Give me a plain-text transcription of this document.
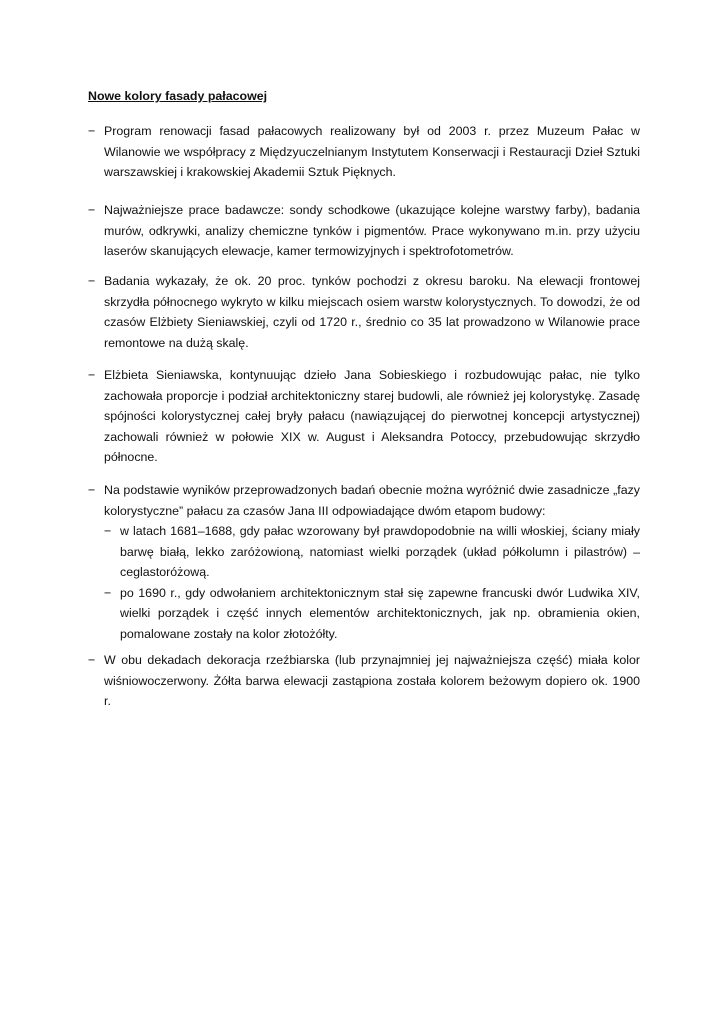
Nowe kolory fasady pałacowej
− Program renowacji fasad pałacowych realizowany był od 2003 r. przez Muzeum Pałac w Wilanowie we współpracy z Międzyuczelnianym Instytutem Konserwacji i Restauracji Dzieł Sztuki warszawskiej i krakowskiej Akademii Sztuk Pięknych.
− Najważniejsze prace badawcze: sondy schodkowe (ukazujące kolejne warstwy farby), badania murów, odkrywki, analizy chemiczne tynków i pigmentów. Prace wykonywano m.in. przy użyciu laserów skanujących elewacje, kamer termowizyjnych i spektrofotometrów.
− Badania wykazały, że ok. 20 proc. tynków pochodzi z okresu baroku. Na elewacji frontowej skrzydła północnego wykryto w kilku miejscach osiem warstw kolorystycznych. To dowodzi, że od czasów Elżbiety Sieniawskiej, czyli od 1720 r., średnio co 35 lat prowadzono w Wilanowie prace remontowe na dużą skalę.
− Elżbieta Sieniawska, kontynuując dzieło Jana Sobieskiego i rozbudowując pałac, nie tylko zachowała proporcje i podział architektoniczny starej budowli, ale również jej kolorystykę. Zasadę spójności kolorystycznej całej bryły pałacu (nawiązującej do pierwotnej koncepcji artystycznej) zachowali również w połowie XIX w. August i Aleksandra Potoccy, przebudowując skrzydło północne.
− Na podstawie wyników przeprowadzonych badań obecnie można wyróżnić dwie zasadnicze „fazy kolorystyczne” pałacu za czasów Jana III odpowiadające dwóm etapom budowy:
− w latach 1681–1688, gdy pałac wzorowany był prawdopodobnie na willi włoskiej, ściany miały barwę białą, lekko zaróżowioną, natomiast wielki porządek (układ półkolumn i pilastrów) –ceglastoróżową.
− po 1690 r., gdy odwołaniem architektonicznym stał się zapewne francuski dwór Ludwika XIV, wielki porządek i część innych elementów architektonicznych, jak np. obramienia okien, pomalowane zostały na kolor złotożółty.
− W obu dekadach dekoracja rzeźbiarska (lub przynajmniej jej najważniejsza część) miała kolor wiśniowoczerwony. Żółta barwa elewacji zastąpiona została kolorem beżowym dopiero ok. 1900 r.
